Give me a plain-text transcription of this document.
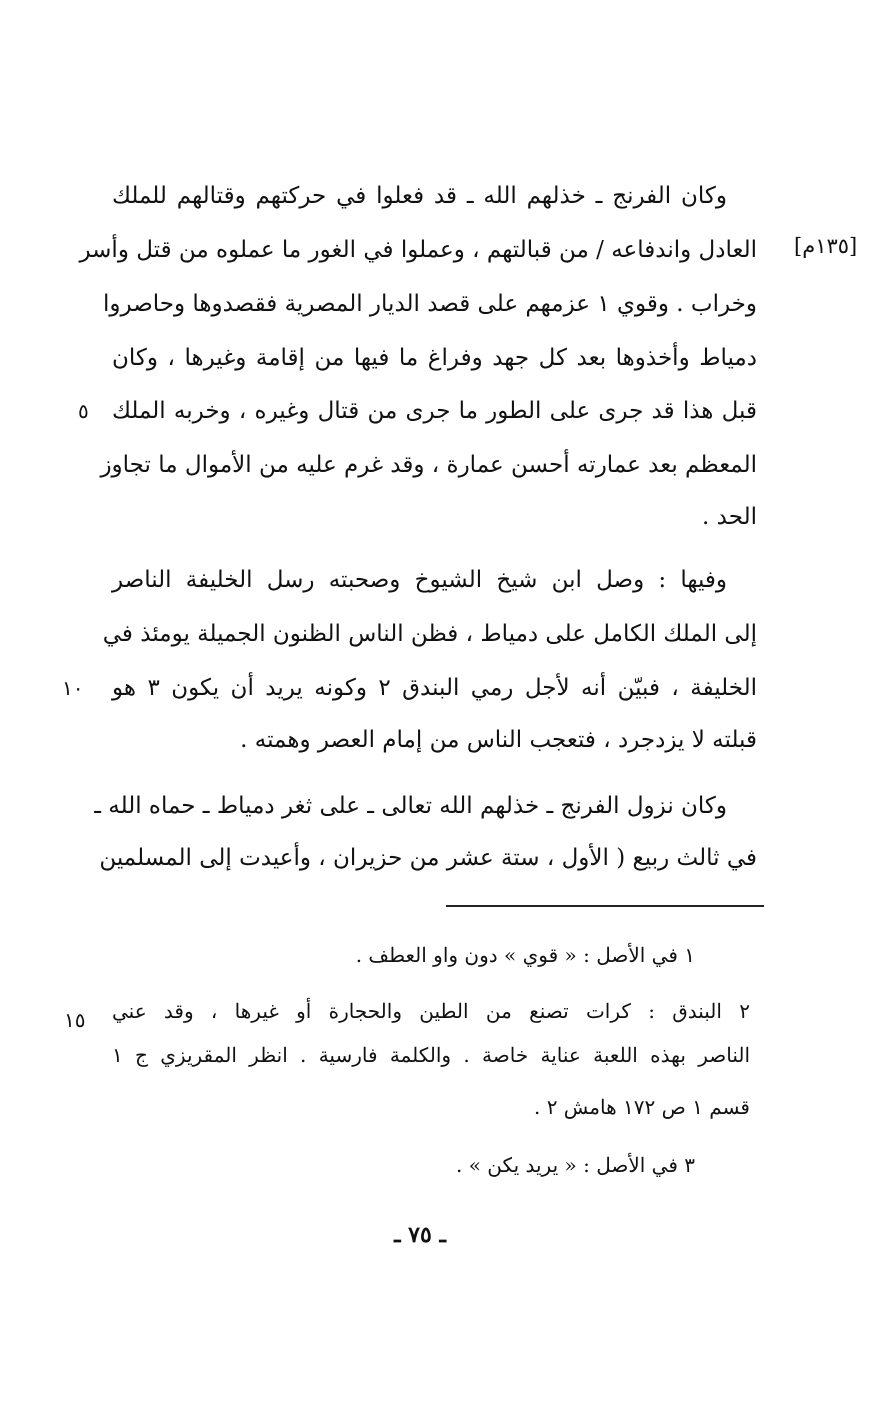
[١٣٥م]
وكان الفرنج ـ خذلهم الله ـ قد فعلوا في حركتهم وقتالهم للملك
العادل واندفاعه / من قبالتهم ، وعملوا في الغور ما عملوه من قتل وأسر
وخراب . وقوي ١ عزمهم على قصد الديار المصرية فقصدوها وحاصروا
دمياط وأخذوها بعد كل جهد وفراغ ما فيها من إقامة وغيرها ، وكان
قبل هذا قد جرى على الطور ما جرى من قتال وغيره ، وخربه الملك
المعظم بعد عمارته أحسن عمارة ، وقد غرم عليه من الأموال ما تجاوز
الحد .
وفيها : وصل ابن شيخ الشيوخ وصحبته رسل الخليفة الناصر
إلى الملك الكامل على دمياط ، فظن الناس الظنون الجميلة يومئذ في
الخليفة ، فبيّن أنه لأجل رمي البندق ٢ وكونه يريد أن يكون ٣ هو
قبلته لا يزدجرد ، فتعجب الناس من إمام العصر وهمته .
وكان نزول الفرنج ـ خذلهم الله تعالى ـ على ثغر دمياط ـ حماه الله ـ
في ثالث ربيع ( الأول ، ستة عشر من حزيران ، وأعيدت إلى المسلمين
٥
١٠
١٥
١ في الأصل : « قوي » دون واو العطف .
٢ البندق : كرات تصنع من الطين والحجارة أو غيرها ، وقد عني
الناصر بهذه اللعبة عناية خاصة . والكلمة فارسية . انظر المقريزي ج ١
قسم ١ ص ١٧٢ هامش ٢ .
٣ في الأصل : « يريد يكن » .
ـ ٧٥ ـ
